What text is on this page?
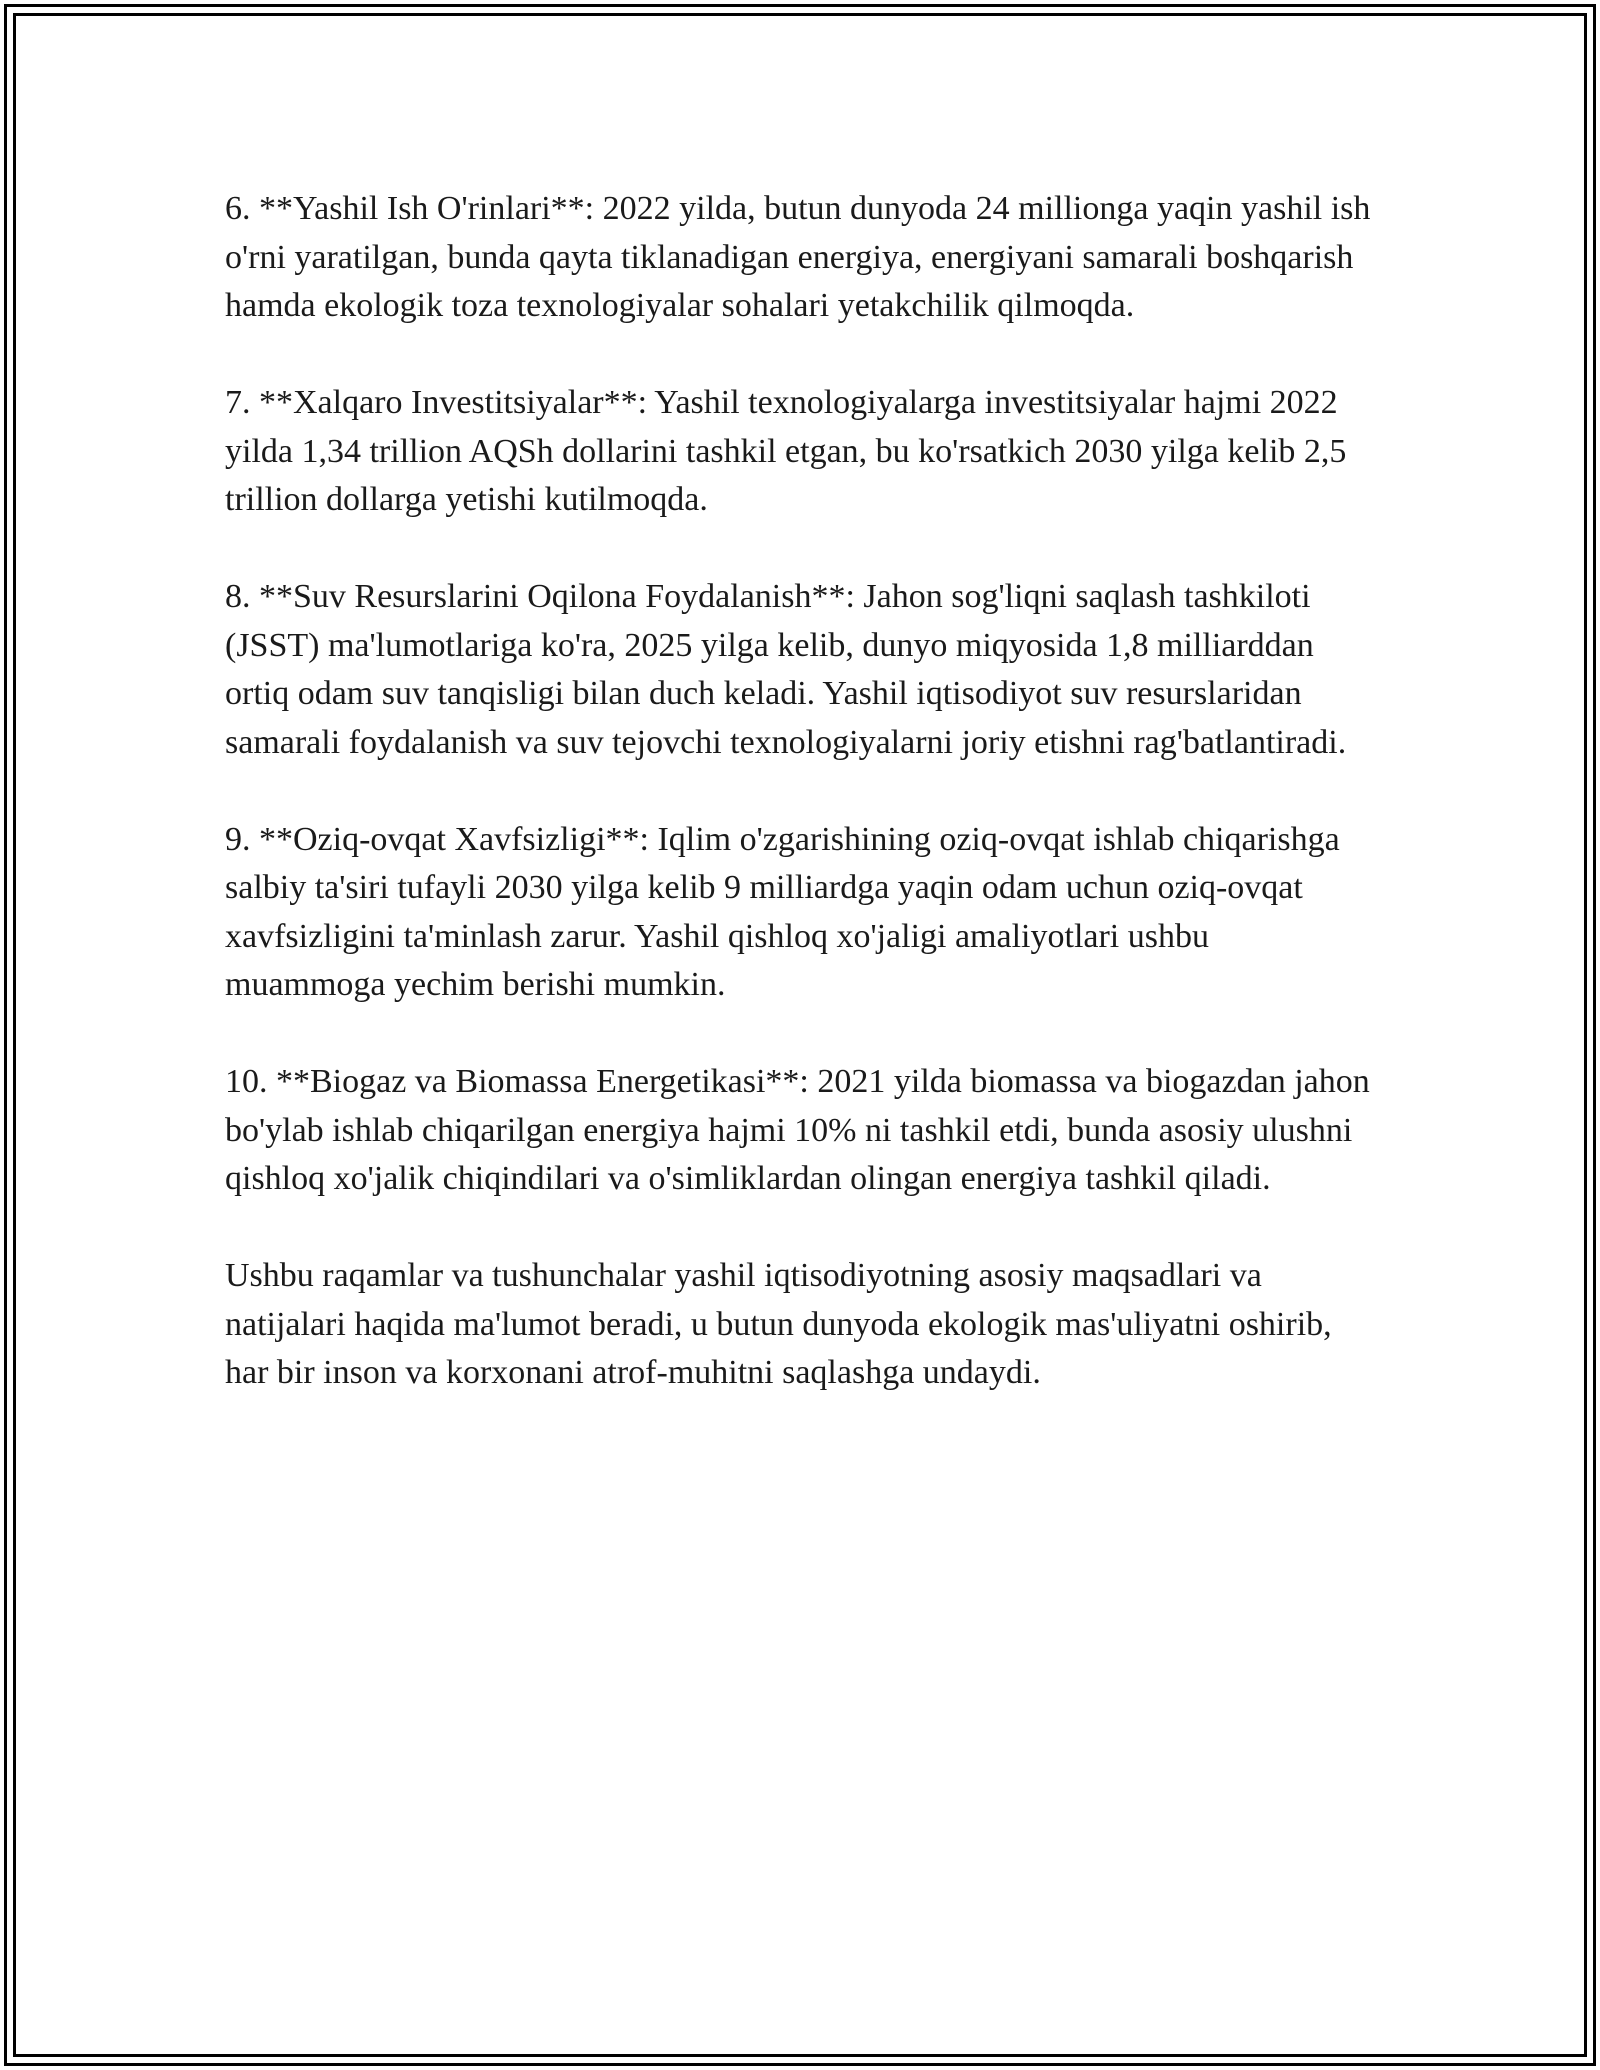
6. **Yashil Ish O'rinlari**: 2022 yilda, butun dunyoda 24 millionga yaqin yashil ish o'rni yaratilgan, bunda qayta tiklanadigan energiya, energiyani samarali boshqarish hamda ekologik toza texnologiyalar sohalari yetakchilik qilmoqda.

7. **Xalqaro Investitsiyalar**: Yashil texnologiyalarga investitsiyalar hajmi 2022 yilda 1,34 trillion AQSh dollarini tashkil etgan, bu ko'rsatkich 2030 yilga kelib 2,5 trillion dollarga yetishi kutilmoqda.

8. **Suv Resurslarini Oqilona Foydalanish**: Jahon sog'liqni saqlash tashkiloti (JSST) ma'lumotlariga ko'ra, 2025 yilga kelib, dunyo miqyosida 1,8 milliarddan ortiq odam suv tanqisligi bilan duch keladi. Yashil iqtisodiyot suv resurslaridan samarali foydalanish va suv tejovchi texnologiyalarni joriy etishni rag'batlantiradi.

9. **Oziq-ovqat Xavfsizligi**: Iqlim o'zgarishining oziq-ovqat ishlab chiqarishga salbiy ta'siri tufayli 2030 yilga kelib 9 milliardga yaqin odam uchun oziq-ovqat xavfsizligini ta'minlash zarur. Yashil qishloq xo'jaligi amaliyotlari ushbu muammoga yechim berishi mumkin.

10. **Biogaz va Biomassa Energetikasi**: 2021 yilda biomassa va biogazdan jahon bo'ylab ishlab chiqarilgan energiya hajmi 10% ni tashkil etdi, bunda asosiy ulushni qishloq xo'jalik chiqindilari va o'simliklardan olingan energiya tashkil qiladi.

Ushbu raqamlar va tushunchalar yashil iqtisodiyotning asosiy maqsadlari va natijalari haqida ma'lumot beradi, u butun dunyoda ekologik mas'uliyatni oshirib, har bir inson va korxonani atrof-muhitni saqlashga undaydi.
